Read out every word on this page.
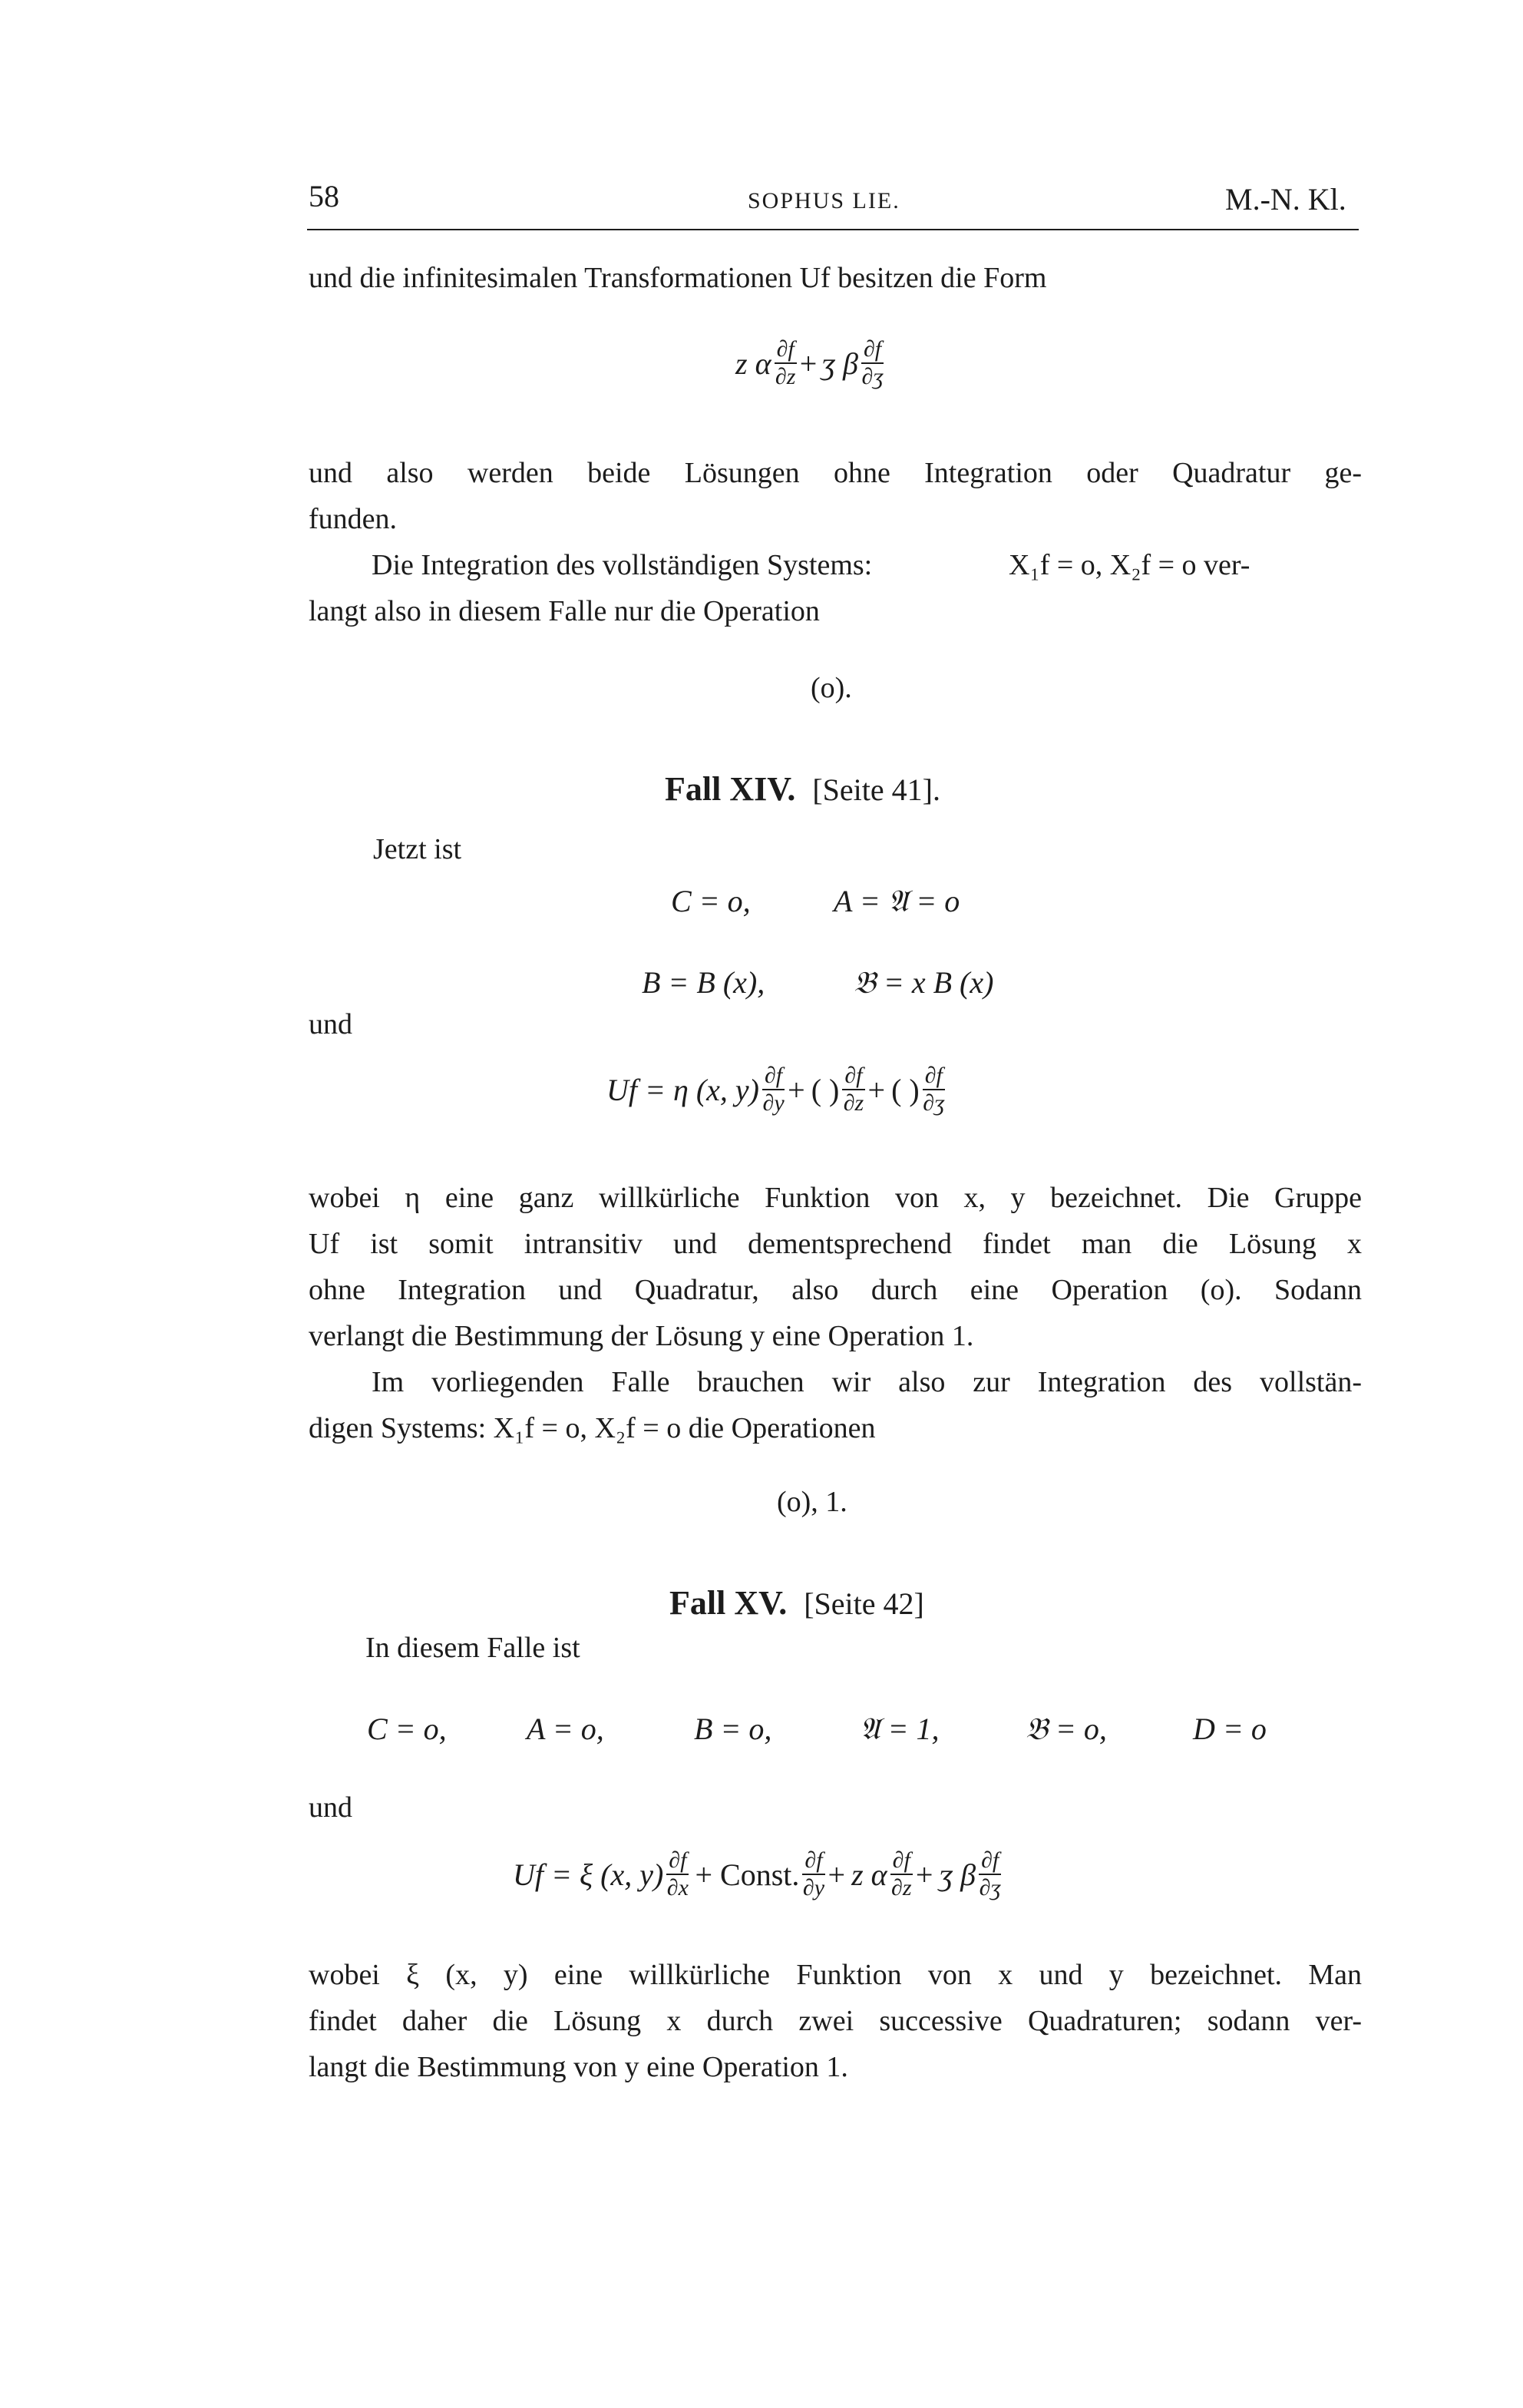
58	SOPHUS LIE.	M.-N. Kl.
und die infinitesimalen Transformationen Uf besitzen die Form
z α ∂f
∂z + ʒ β ∂f
∂ʒ
und also werden beide Lösungen ohne Integration oder Quadratur ge-
funden.
Die Integration des vollständigen Systems:	X₁f = o, X₂f = o ver-
langt also in diesem Falle nur die Operation
(o).
Fall XIV. [Seite 41].
Jetzt ist
C = o,	A = 𝔄 = o
B = B (x),	𝔅 = x B (x)
und
Uf = η (x, y) ∂f
∂y + ( ) ∂f
∂z + ( ) ∂f
∂ʒ
wobei η eine ganz willkürliche Funktion von x, y bezeichnet. Die Gruppe
Uf ist somit intransitiv und dementsprechend findet man die Lösung x
ohne Integration und Quadratur, also durch eine Operation (o). Sodann
verlangt die Bestimmung der Lösung y eine Operation 1.
Im vorliegenden Falle brauchen wir also zur Integration des vollstän-
digen Systems: X₁f = o, X₂f = o die Operationen
(o), 1.
Fall XV. [Seite 42]
In diesem Falle ist
C = o,	A = o,	B = o,	𝔄 = 1,	𝔅 = o,	D = o
und
Uf = ξ (x, y) ∂f
∂x + Const. ∂f
∂y + z α ∂f
∂z + ʒ β ∂f
∂ʒ
wobei ξ (x, y) eine willkürliche Funktion von x und y bezeichnet. Man
findet daher die Lösung x durch zwei successive Quadraturen; sodann ver-
langt die Bestimmung von y eine Operation 1.
